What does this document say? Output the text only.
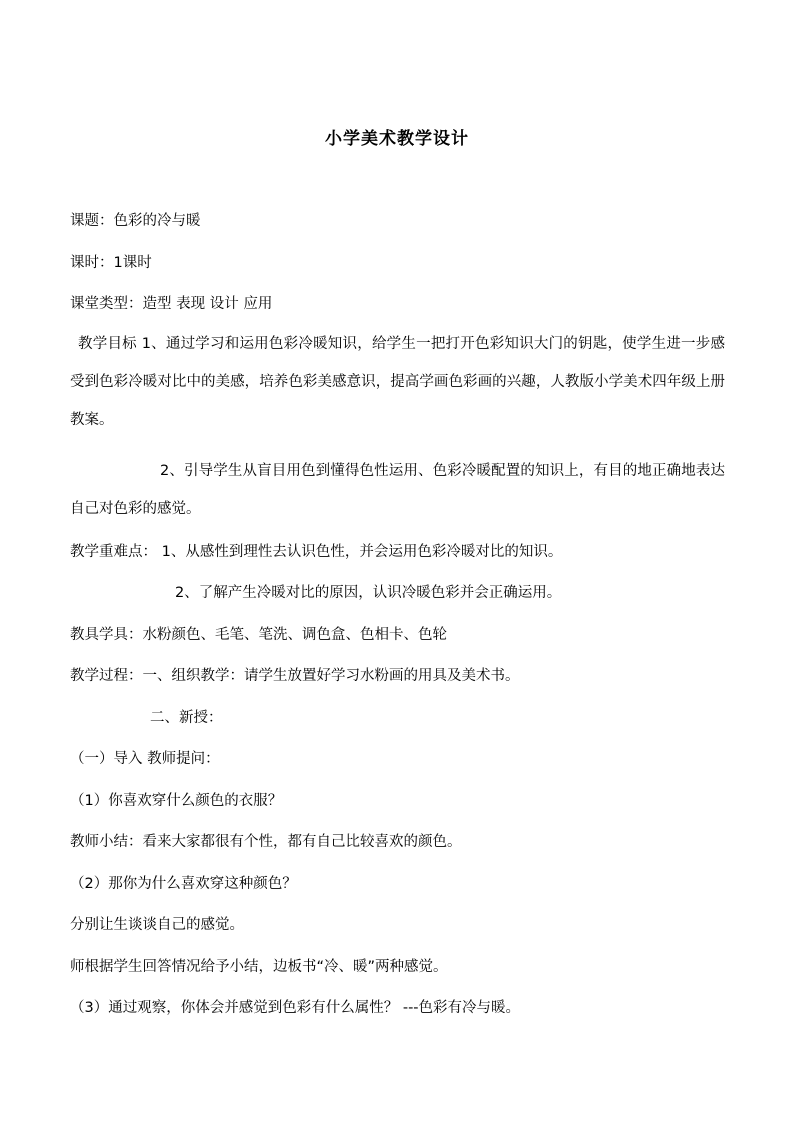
小学美术教学设计
课题：色彩的冷与暖
课时：1课时
课堂类型：造型 表现 设计 应用
教学目标 1、通过学习和运用色彩冷暖知识，给学生一把打开色彩知识大门的钥匙，使学生进一步感受到色彩冷暖对比中的美感，培养色彩美感意识，提高学画色彩画的兴趣，人教版小学美术四年级上册教案。
2、引导学生从盲目用色到懂得色性运用、色彩冷暖配置的知识上，有目的地正确地表达自己对色彩的感觉。
教学重难点： 1、从感性到理性去认识色性，并会运用色彩冷暖对比的知识。
2、了解产生冷暖对比的原因，认识冷暖色彩并会正确运用。
教具学具：水粉颜色、毛笔、笔洗、调色盒、色相卡、色轮
教学过程：一、组织教学：请学生放置好学习水粉画的用具及美术书。
二、新授：
（一）导入 教师提问：
（1）你喜欢穿什么颜色的衣服？
教师小结：看来大家都很有个性，都有自己比较喜欢的颜色。
（2）那你为什么喜欢穿这种颜色？
分别让生谈谈自己的感觉。
师根据学生回答情况给予小结，边板书“冷、暖”两种感觉。
（3）通过观察，你体会并感觉到色彩有什么属性？ ---色彩有冷与暖。
